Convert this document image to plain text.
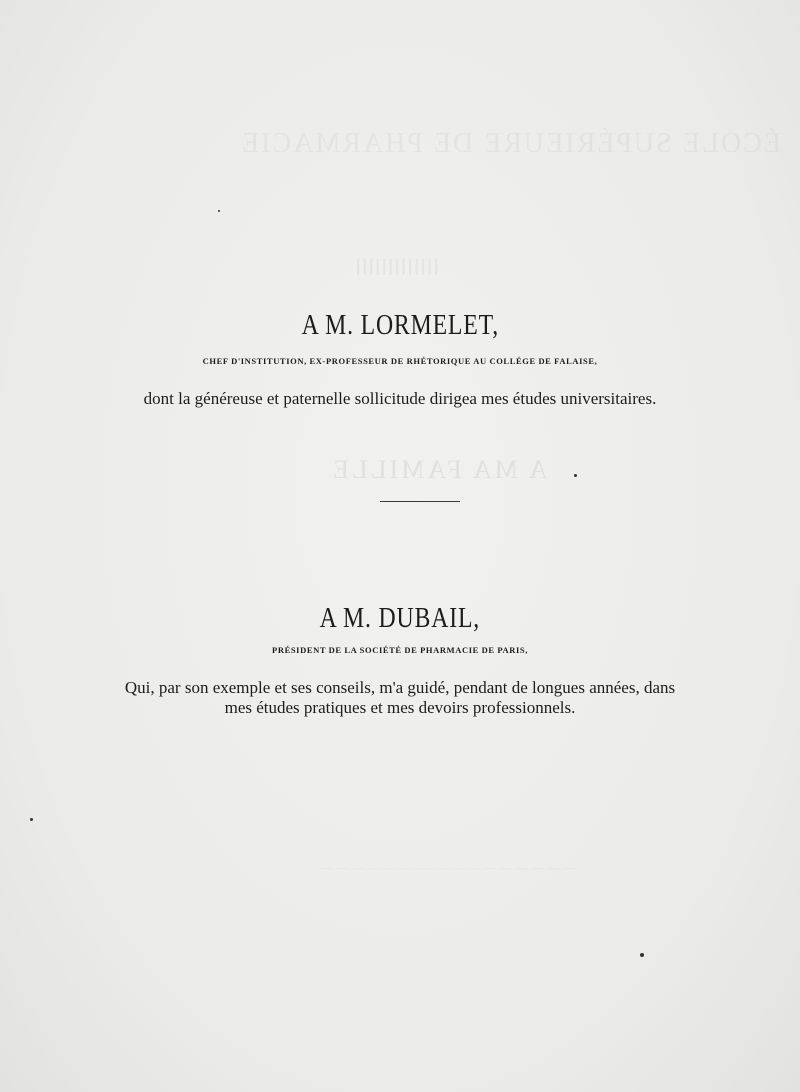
ÉCOLE SUPÉRIEURE DE PHARMACIE
ⅠⅠⅠⅠⅠⅠⅠⅠⅠⅠⅠⅠⅠ
A MA FAMILLE
— — — — — — — — — — — — — — — —
A M. LORMELET,
CHEF D'INSTITUTION, EX-PROFESSEUR DE RHÉTORIQUE AU COLLÉGE DE FALAISE,
dont la généreuse et paternelle sollicitude dirigea mes études universitaires.
A M. DUBAIL,
PRÉSIDENT DE LA SOCIÉTÉ DE PHARMACIE DE PARIS,
Qui, par son exemple et ses conseils, m'a guidé, pendant de longues années, dans
mes études pratiques et mes devoirs professionnels.
